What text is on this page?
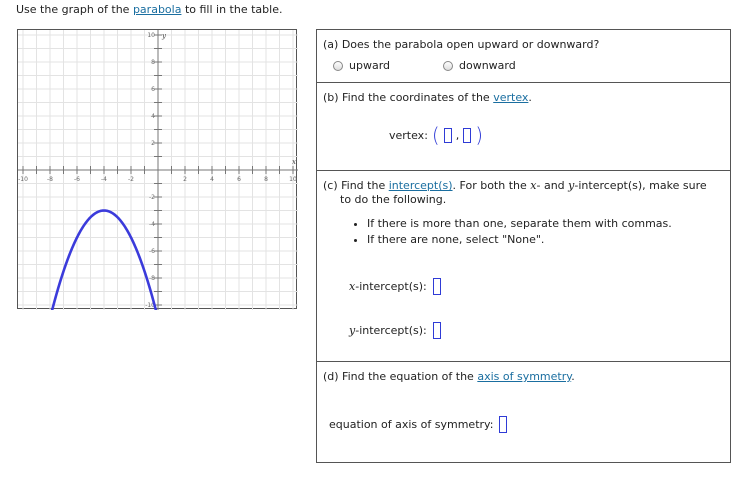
Use the graph of the parabola to fill in the table.
-10	-8	-6	-4	-2	2	4	6	8	10
10
8
6
4
2
-2
-4
-6
-8
-10
x
y
(a) Does the parabola open upward or downward?
upward	downward
(b) Find the coordinates of the vertex.
vertex: ( , )
(c) Find the intercept(s). For both the x- and y-intercept(s), make sure
to do the following.
• If there is more than one, separate them with commas.
• If there are none, select "None".
x-intercept(s):
y-intercept(s):
(d) Find the equation of the axis of symmetry.
equation of axis of symmetry:
